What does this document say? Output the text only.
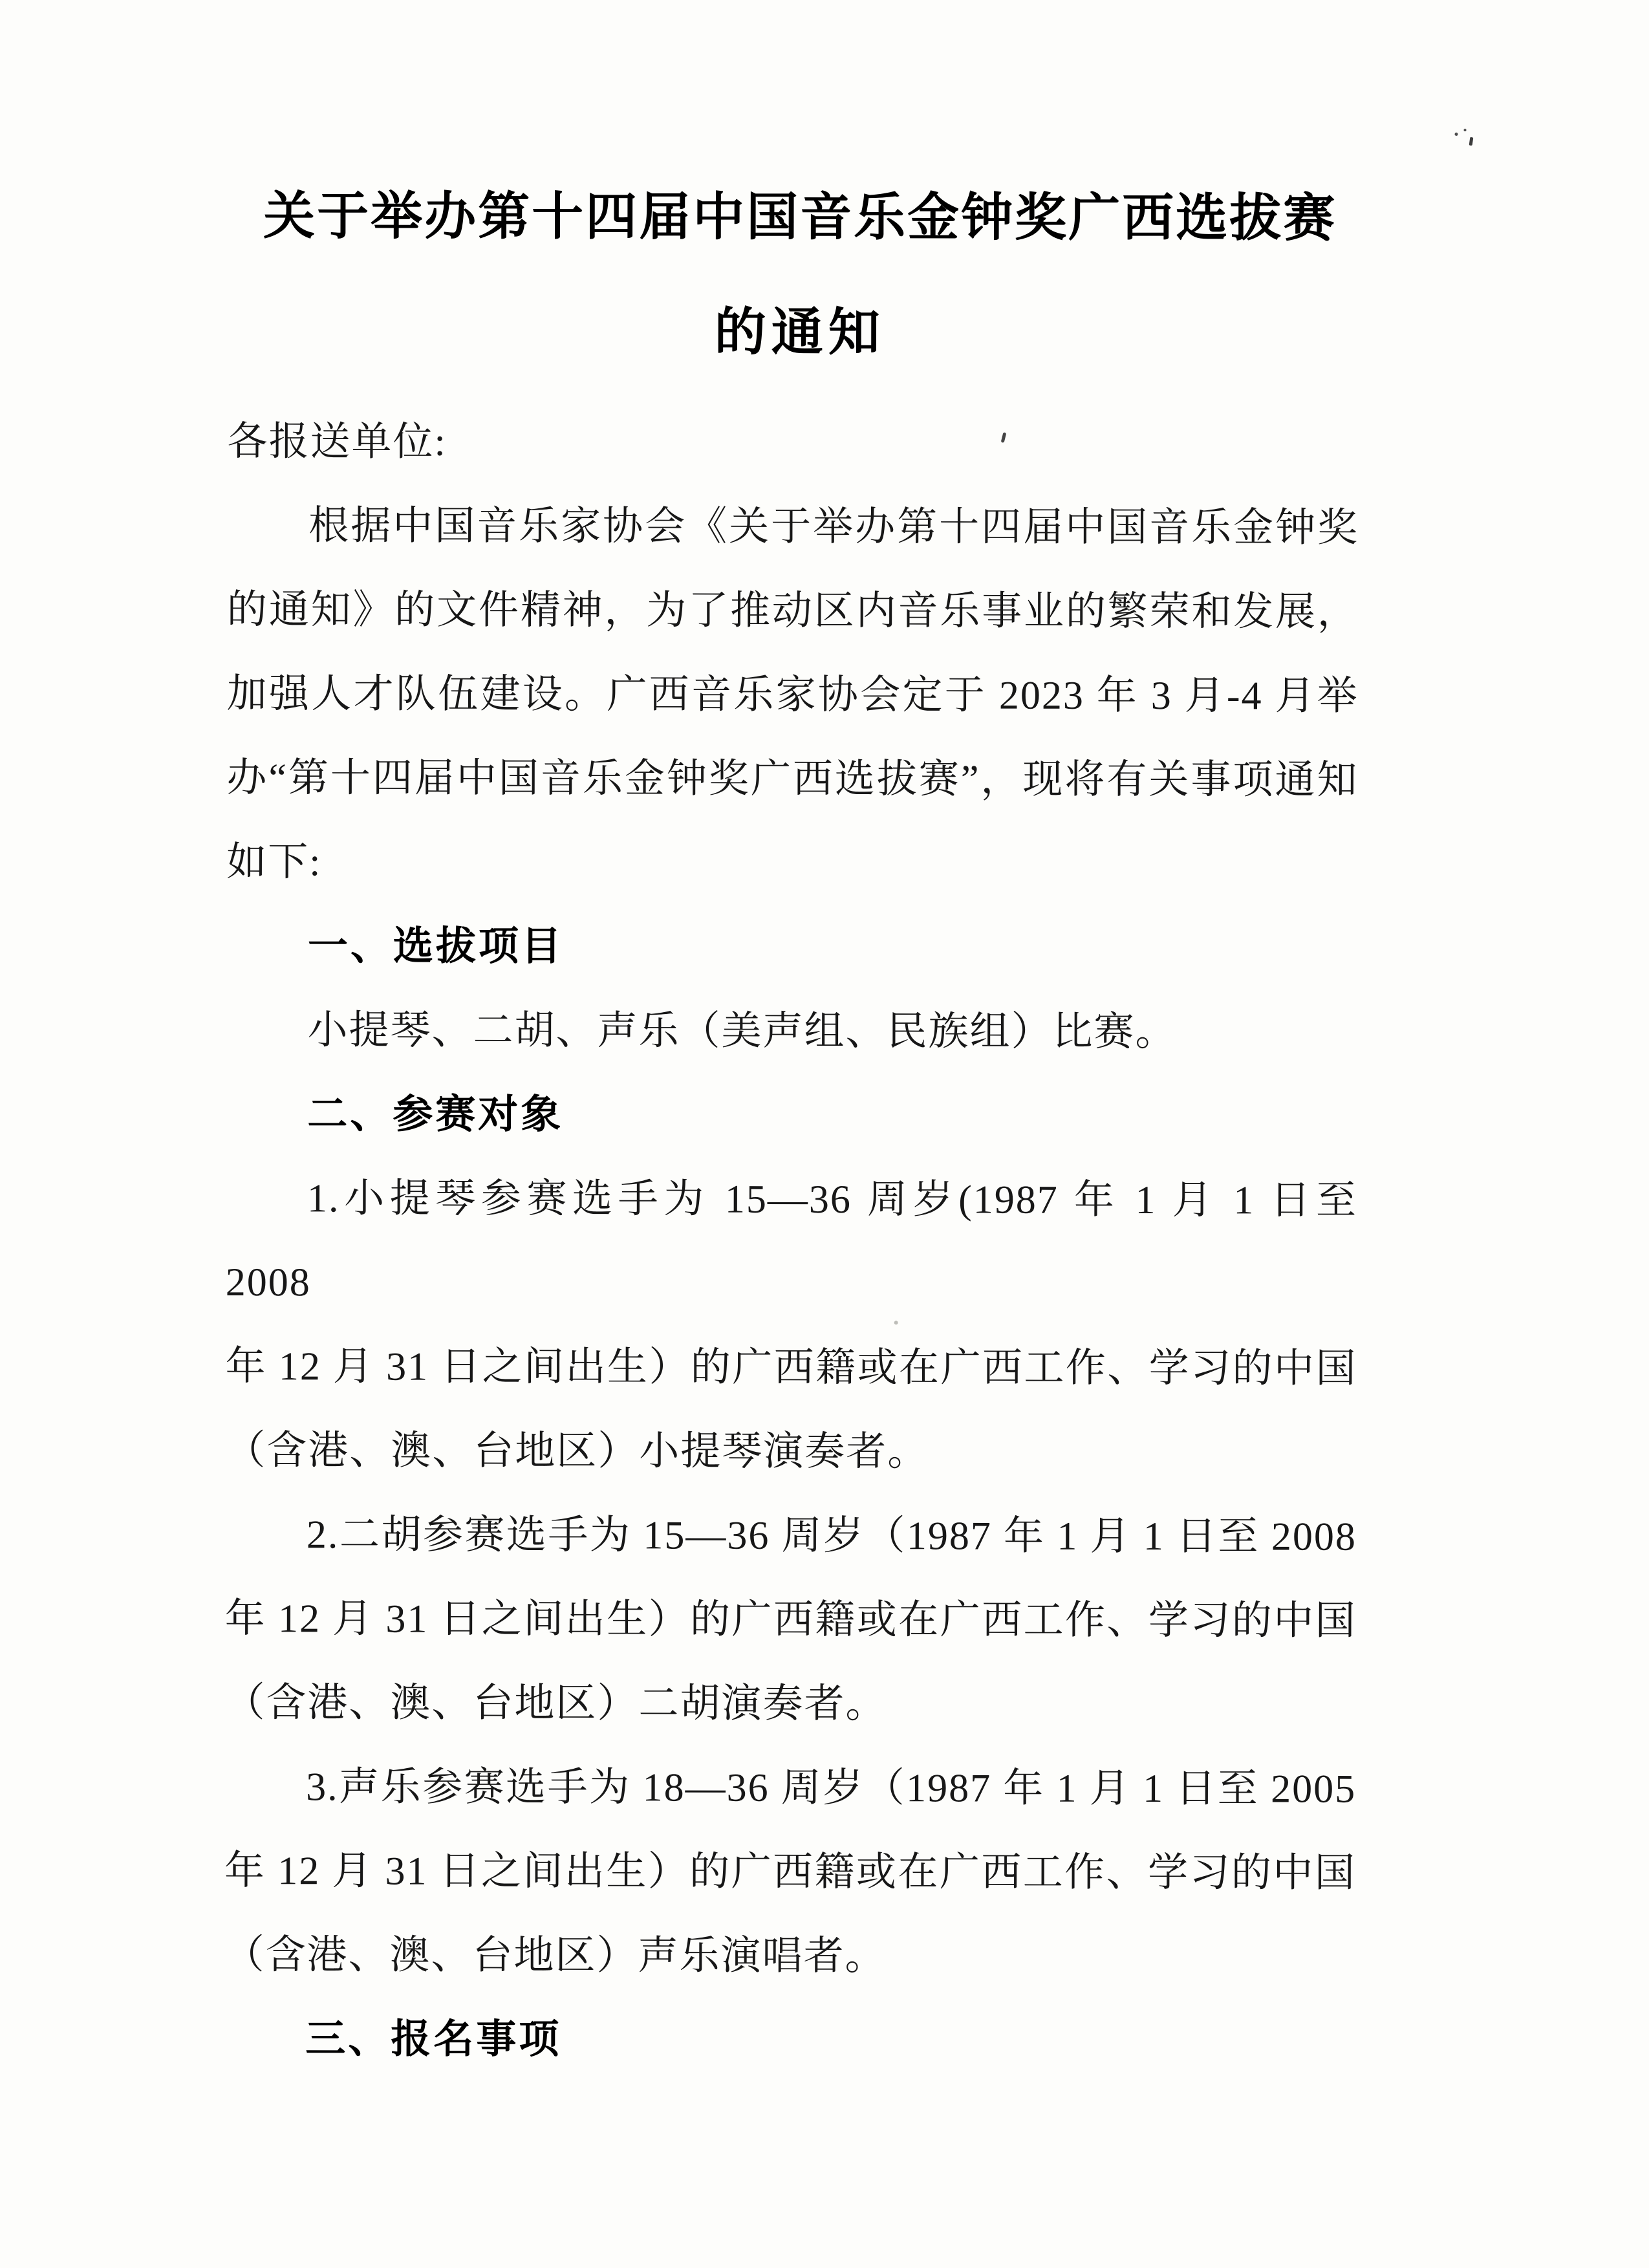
关于举办第十四届中国音乐金钟奖广西选拔赛
的通知
各报送单位:
根据中国音乐家协会《关于举办第十四届中国音乐金钟奖
的通知》的文件精神，为了推动区内音乐事业的繁荣和发展，
加强人才队伍建设。广西音乐家协会定于 2023 年 3 月-4 月举
办“第十四届中国音乐金钟奖广西选拔赛”，现将有关事项通知
如下:
一、选拔项目
小提琴、二胡、声乐（美声组、民族组）比赛。
二、参赛对象
1.小提琴参赛选手为 15—36 周岁(1987 年 1 月 1 日至 2008
年 12 月 31 日之间出生）的广西籍或在广西工作、学习的中国
（含港、澳、台地区）小提琴演奏者。
2.二胡参赛选手为 15—36 周岁（1987 年 1 月 1 日至 2008
年 12 月 31 日之间出生）的广西籍或在广西工作、学习的中国
（含港、澳、台地区）二胡演奏者。
3.声乐参赛选手为 18—36 周岁（1987 年 1 月 1 日至 2005
年 12 月 31 日之间出生）的广西籍或在广西工作、学习的中国
（含港、澳、台地区）声乐演唱者。
三、报名事项
